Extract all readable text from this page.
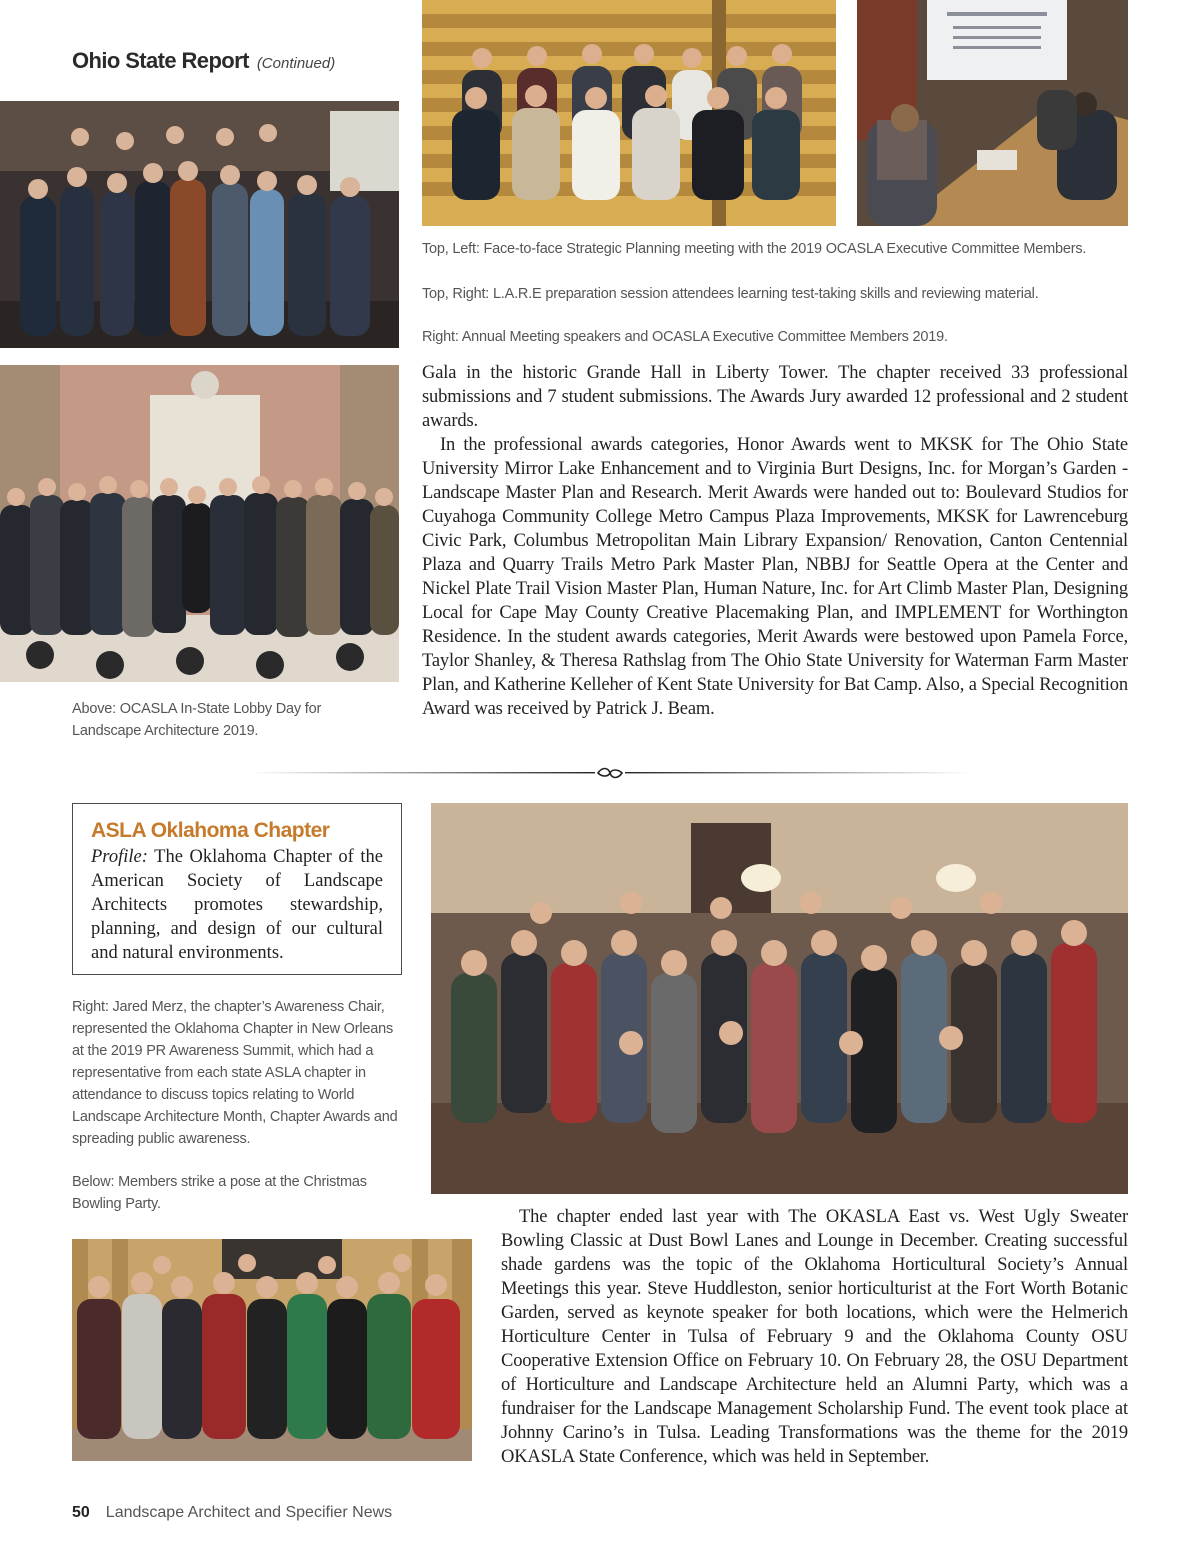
Ohio State Report (Continued)
Top, Left: Face-to-face Strategic Planning meeting with the 2019 OCASLA Executive Committee Members.
Top, Right: L.A.R.E preparation session attendees learning test-taking skills and reviewing material.
Right: Annual Meeting speakers and OCASLA Executive Committee Members 2019.
Above: OCASLA In-State Lobby Day for Landscape Architecture 2019.

Gala in the historic Grande Hall in Liberty Tower. The chapter received 33 professional submissions and 7 student submissions. The Awards Jury awarded 12 professional and 2 student awards.

In the professional awards categories, Honor Awards went to MKSK for The Ohio State University Mirror Lake Enhancement and to Virginia Burt Designs, Inc. for Morgan’s Garden - Landscape Master Plan and Research. Merit Awards were handed out to: Boulevard Studios for Cuyahoga Community College Metro Campus Plaza Improvements, MKSK for Lawrenceburg Civic Park, Columbus Metropolitan Main Library Expansion/ Renovation, Canton Centennial Plaza and Quarry Trails Metro Park Master Plan, NBBJ for Seattle Opera at the Center and Nickel Plate Trail Vision Master Plan, Human Nature, Inc. for Art Climb Master Plan, Designing Local for Cape May County Creative Placemaking Plan, and IMPLEMENT for Worthington Residence. In the student awards categories, Merit Awards were bestowed upon Pamela Force, Taylor Shanley, & Theresa Rathslag from The Ohio State University for Waterman Farm Master Plan, and Katherine Kelleher of Kent State University for Bat Camp. Also, a Special Recognition Award was received by Patrick J. Beam.

ASLA Oklahoma Chapter
Profile: The Oklahoma Chapter of the American Society of Landscape Architects promotes stewardship, planning, and design of our cultural and natural environments.
Right: Jared Merz, the chapter’s Awareness Chair, represented the Oklahoma Chapter in New Orleans at the 2019 PR Awareness Summit, which had a representative from each state ASLA chapter in attendance to discuss topics relating to World Landscape Architecture Month, Chapter Awards and spreading public awareness.
Below: Members strike a pose at the Christmas Bowling Party.

The chapter ended last year with The OKASLA East vs. West Ugly Sweater Bowling Classic at Dust Bowl Lanes and Lounge in December. Creating successful shade gardens was the topic of the Oklahoma Horticultural Society’s Annual Meetings this year. Steve Huddleston, senior horticulturist at the Fort Worth Botanic Garden, served as keynote speaker for both locations, which were the Helmerich Horticulture Center in Tulsa of February 9 and the Oklahoma County OSU Cooperative Extension Office on February 10. On February 28, the OSU Department of Horticulture and Landscape Architecture held an Alumni Party, which was a fundraiser for the Landscape Management Scholarship Fund. The event took place at Johnny Carino’s in Tulsa. Leading Transformations was the theme for the 2019 OKASLA State Conference, which was held in September.

50 Landscape Architect and Specifier News
